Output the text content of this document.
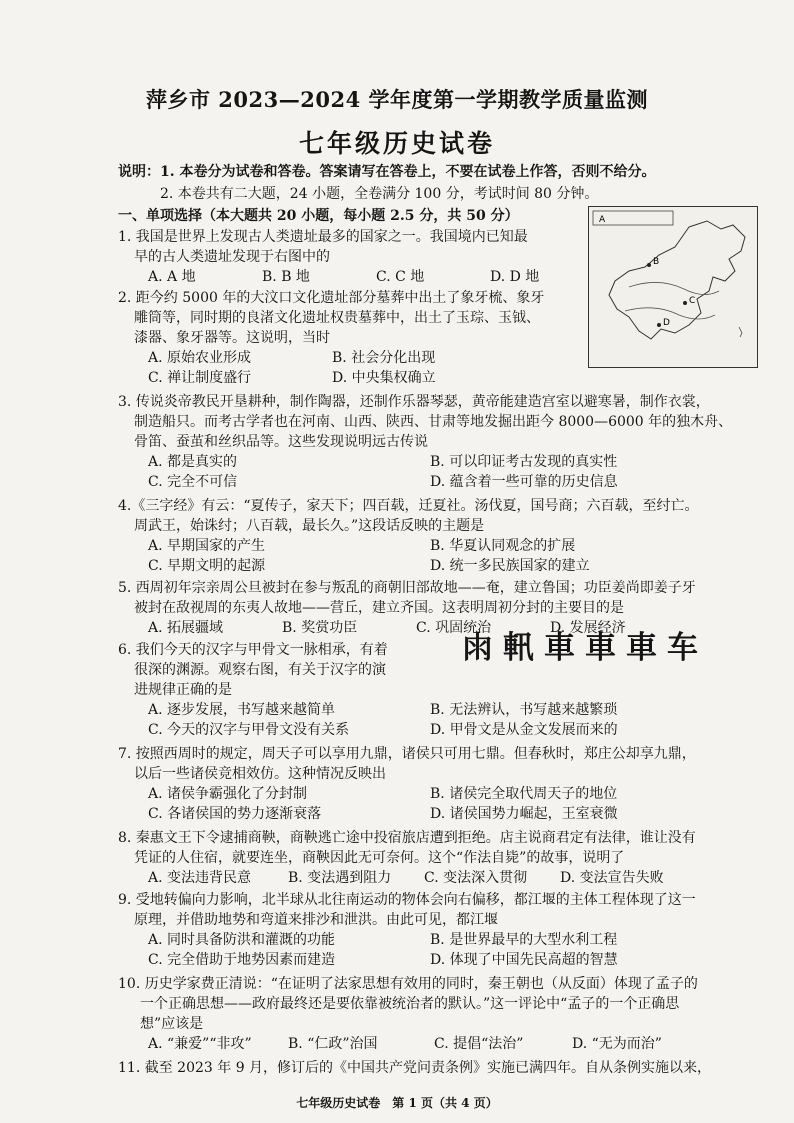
萍乡市 2023—2024 学年度第一学期教学质量监测
七年级历史试卷
说明：1. 本卷分为试卷和答卷。答案请写在答卷上，不要在试卷上作答，否则不给分。
2. 本卷共有二大题，24 小题，全卷满分 100 分，考试时间 80 分钟。
一、单项选择（本大题共 20 小题，每小题 2.5 分，共 50 分）	A
B
C
D
1. 我国是世界上发现古人类遗址最多的国家之一。我国境内已知最
早的古人类遗址发现于右图中的
A. A 地	B. B 地	C. C 地	D. D 地
2. 距今约 5000 年的大汶口文化遗址部分墓葬中出土了象牙梳、象牙
雕筒等，同时期的良渚文化遗址权贵墓葬中，出土了玉琮、玉钺、
漆器、象牙器等。这说明，当时
A. 原始农业形成	B. 社会分化出现
C. 禅让制度盛行	D. 中央集权确立
3. 传说炎帝教民开垦耕种，制作陶器，还制作乐器琴瑟，黄帝能建造宫室以避寒暑，制作衣裳，
制造船只。而考古学者也在河南、山西、陕西、甘肃等地发掘出距今 8000—6000 年的独木舟、
骨笛、蚕茧和丝织品等。这些发现说明远古传说
A. 都是真实的	B. 可以印证考古发现的真实性
C. 完全不可信	D. 蕴含着一些可靠的历史信息
4.《三字经》有云：“夏传子，家天下；四百载，迁夏社。汤伐夏，国号商；六百载，至纣亡。
周武王，始诛纣；八百载，最长久。”这段话反映的主题是
A. 早期国家的产生	B. 华夏认同观念的扩展
C. 早期文明的起源	D. 统一多民族国家的建立
5. 西周初年宗亲周公旦被封在参与叛乱的商朝旧部故地——奄，建立鲁国；功臣姜尚即姜子牙
被封在敌视周的东夷人故地——营丘，建立齐国。这表明周初分封的主要目的是
A. 拓展疆域	B. 奖赏功臣	C. 巩固统治	D. 发展经济
6. 我们今天的汉字与甲骨文一脉相承，有着
很深的渊源。观察右图，有关于汉字的演
进规律正确的是
𠕒 軐 車 車 車 车
A. 逐步发展，书写越来越简单	B. 无法辨认，书写越来越繁琐
C. 今天的汉字与甲骨文没有关系	D. 甲骨文是从金文发展而来的
7. 按照西周时的规定，周天子可以享用九鼎，诸侯只可用七鼎。但春秋时，郑庄公却享九鼎，
以后一些诸侯竞相效仿。这种情况反映出
A. 诸侯争霸强化了分封制	B. 诸侯完全取代周天子的地位
C. 各诸侯国的势力逐渐衰落	D. 诸侯国势力崛起，王室衰微
8. 秦惠文王下令逮捕商鞅，商鞅逃亡途中投宿旅店遭到拒绝。店主说商君定有法律，谁让没有
凭证的人住宿，就要连坐，商鞅因此无可奈何。这个“作法自毙”的故事，说明了
A. 变法违背民意	B. 变法遇到阻力 C. 变法深入贯彻 D. 变法宣告失败
9. 受地转偏向力影响，北半球从北往南运动的物体会向右偏移，都江堰的主体工程体现了这一
原理，并借助地势和弯道来排沙和泄洪。由此可见，都江堰
A. 同时具备防洪和灌溉的功能	B. 是世界最早的大型水利工程
C. 完全借助于地势因素而建造	D. 体现了中国先民高超的智慧
10. 历史学家费正清说：“在证明了法家思想有效用的同时，秦王朝也（从反面）体现了孟子的
一个正确思想——政府最终还是要依靠被统治者的默认。”这一评论中“孟子的一个正确思
想”应该是
A. “兼爱”“非攻”	B. “仁政”治国	C. 提倡“法治”	D. “无为而治”
11. 截至 2023 年 9 月，修订后的《中国共产党问责条例》实施已满四年。自从条例实施以来，
七年级历史试卷　第 1 页（共 4 页）
